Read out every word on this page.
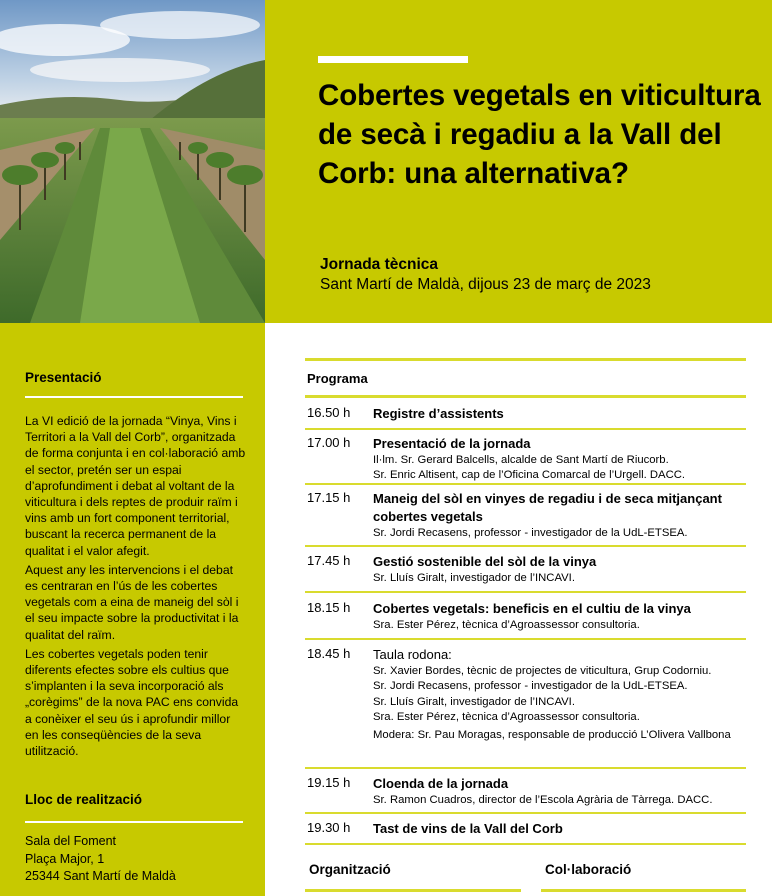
Cobertes vegetals en viticultura de secà i regadiu a la Vall del Corb: una alternativa?
Jornada tècnica
Sant Martí de Maldà, dijous 23 de març de 2023
Presentació

La VI edició de la jornada “Vinya, Vins i Territori a la Vall del Corb”, organitzada de forma conjunta i en col·laboració amb el sector, pretén ser un espai d’aprofundiment i debat al voltant de la viticultura i dels reptes de produir raïm i vins amb un fort component territorial, buscant la recerca permanent de la qualitat i el valor afegit.

Aquest any les intervencions i el debat es centraran en l’ús de les cobertes vegetals com a eina de maneig del sòl i el seu impacte sobre la productivitat i la qualitat del raïm.

Les cobertes vegetals poden tenir diferents efectes sobre els cultius que s’implanten i la seva incorporació als „corègims” de la nova PAC ens convida a conèixer el seu ús i aprofundir millor en les conseqüències de la seva utilització.

Lloc de realització
Sala del Foment
Plaça Major, 1
25344 Sant Martí de Maldà
Programa
16.50 h Registre d’assistents
17.00 h Presentació de la jornada
Il·lm. Sr. Gerard Balcells, alcalde de Sant Martí de Riucorb.
Sr. Enric Altisent, cap de l’Oficina Comarcal de l’Urgell. DACC.
17.15 h Maneig del sòl en vinyes de regadiu i de seca mitjançant cobertes vegetals
Sr. Jordi Recasens, professor - investigador de la UdL-ETSEA.
17.45 h Gestió sostenible del sòl de la vinya
Sr. Lluís Giralt, investigador de l’INCAVI.
18.15 h Cobertes vegetals: beneficis en el cultiu de la vinya
Sra. Ester Pérez, tècnica d’Agroassessor consultoria.
18.45 h Taula rodona:
Sr. Xavier Bordes, tècnic de projectes de viticultura, Grup Codorniu.
Sr. Jordi Recasens, professor - investigador de la UdL-ETSEA.
Sr. Lluís Giralt, investigador de l’INCAVI.
Sra. Ester Pérez, tècnica d’Agroassessor consultoria.
Modera: Sr. Pau Moragas, responsable de producció L’Olivera Vallbona
19.15 h Cloenda de la jornada
Sr. Ramon Cuadros, director de l’Escola Agrària de Tàrrega. DACC.
19.30 h Tast de vins de la Vall del Corb
Organització	Col·laboració
